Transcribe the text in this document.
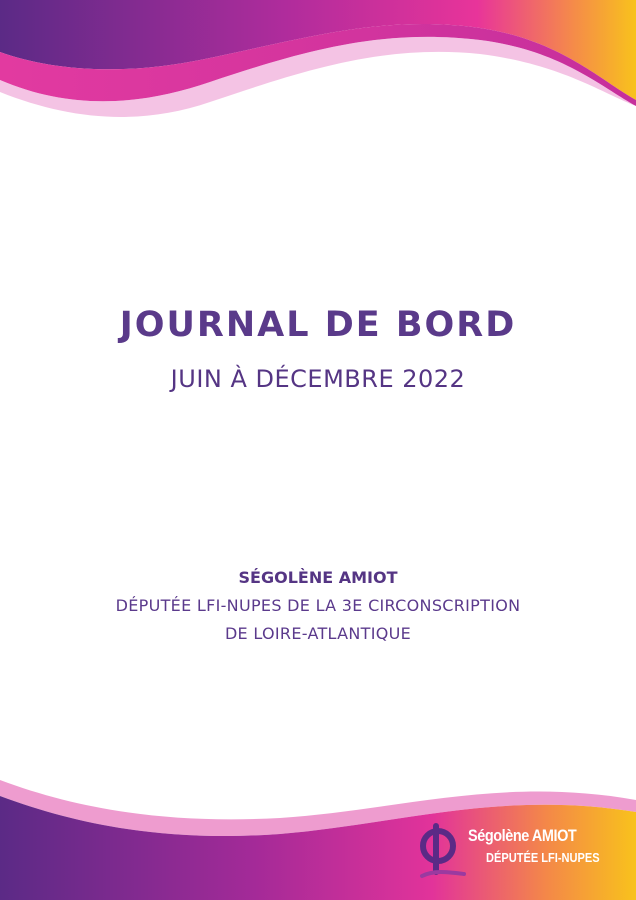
JOURNAL DE BORD
JUIN À DÉCEMBRE 2022
SÉGOLÈNE AMIOT
DÉPUTÉE LFI-NUPES DE LA 3E CIRCONSCRIPTION
DE LOIRE-ATLANTIQUE
Ségolène AMIOT
DÉPUTÉE LFI-NUPES
